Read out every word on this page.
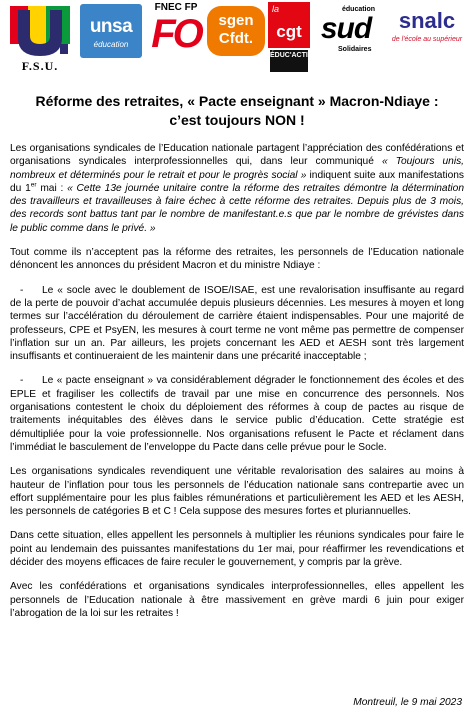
F.S.U.
unsa
éducation
FNEC FP
FO	sgen
Cfdt.
la
cgt
ÉDUC'ACTION
éducation
sud
Solidaires
snalc
de l'école au supérieur
Réforme des retraites, « Pacte enseignant » Macron-Ndiaye :
c’est toujours NON !

Les organisations syndicales de l’Education nationale partagent l’appréciation des confédérations et organisations syndicales interprofessionnelles qui, dans leur communiqué « Toujours unis, nombreux et déterminés pour le retrait et pour le progrès social » indiquent suite aux manifestations du 1er mai : « Cette 13e journée unitaire contre la réforme des retraites démontre la détermination des travailleurs et travailleuses à faire échec à cette réforme des retraites. Depuis plus de 3 mois, des records sont battus tant par le nombre de manifestant.e.s que par le nombre de grévistes dans le public comme dans le privé. »

Tout comme ils n’acceptent pas la réforme des retraites, les personnels de l’Education nationale dénoncent les annonces du président Macron et du ministre Ndiaye :

- Le « socle avec le doublement de ISOE/ISAE, est une revalorisation insuffisante au regard de la perte de pouvoir d’achat accumulée depuis plusieurs décennies. Les mesures à moyen et long termes sur l’accélération du déroulement de carrière étaient indispensables. Pour une majorité de professeurs, CPE et PsyEN, les mesures à court terme ne vont même pas permettre de compenser l’inflation sur un an. Par ailleurs, les projets concernant les AED et AESH sont très largement insuffisants et continueraient de les maintenir dans une précarité inacceptable ;

- Le « pacte enseignant » va considérablement dégrader le fonctionnement des écoles et des EPLE et fragiliser les collectifs de travail par une mise en concurrence des personnels. Nos organisations contestent le choix du déploiement des réformes à coup de pactes au risque de traitements inéquitables des élèves dans le service public d’éducation. Cette stratégie est démultipliée pour la voie professionnelle. Nos organisations refusent le Pacte et réclament dans l’immédiat le basculement de l’enveloppe du Pacte dans celle prévue pour le Socle.

Les organisations syndicales revendiquent une véritable revalorisation des salaires au moins à hauteur de l’inflation pour tous les personnels de l’éducation nationale sans contrepartie avec un effort supplémentaire pour les plus faibles rémunérations et particulièrement les AED et les AESH, les personnels de catégories B et C ! Cela suppose des mesures fortes et pluriannuelles.

Dans cette situation, elles appellent les personnels à multiplier les réunions syndicales pour faire le point au lendemain des puissantes manifestations du 1er mai, pour réaffirmer les revendications et décider des moyens efficaces de faire reculer le gouvernement, y compris par la grève.

Avec les confédérations et organisations syndicales interprofessionnelles, elles appellent les personnels de l’Education nationale à être massivement en grève mardi 6 juin pour exiger l’abrogation de la loi sur les retraites !

Montreuil, le 9 mai 2023
